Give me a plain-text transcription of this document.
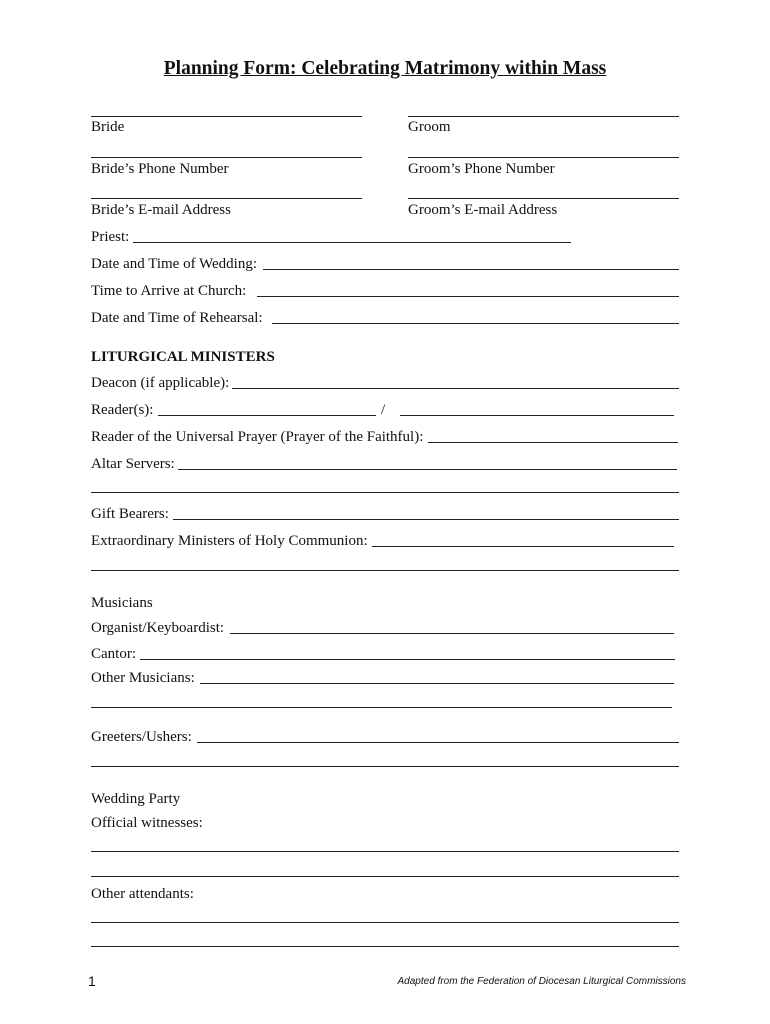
Planning Form: Celebrating Matrimony within Mass
Bride	Groom
Bride’s Phone Number	Groom’s Phone Number
Bride’s E-mail Address	Groom’s E-mail Address
Priest:
Date and Time of Wedding:
Time to Arrive at Church:
Date and Time of Rehearsal:
LITURGICAL MINISTERS
Deacon (if applicable):
Reader(s):	/
Reader of the Universal Prayer (Prayer of the Faithful):
Altar Servers:
Gift Bearers:
Extraordinary Ministers of Holy Communion:
Musicians
Organist/Keyboardist:
Cantor:
Other Musicians:
Greeters/Ushers:
Wedding Party
Official witnesses:
Other attendants:
1	Adapted from the Federation of Diocesan Liturgical Commissions
